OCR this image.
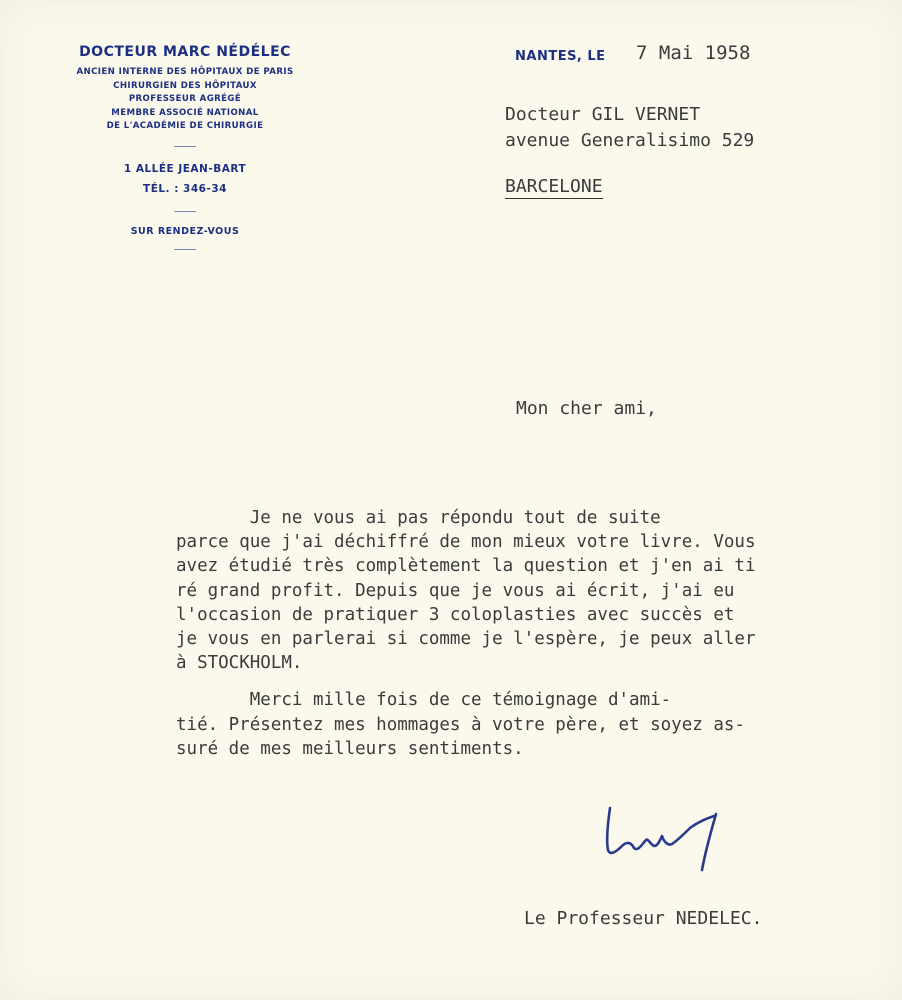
DOCTEUR MARC NÉDÉLEC
ANCIEN INTERNE DES HÔPITAUX DE PARIS
CHIRURGIEN DES HÔPITAUX
PROFESSEUR AGRÉGÉ
MEMBRE ASSOCIÉ NATIONAL
DE L'ACADÉMIE DE CHIRURGIE
1 ALLÉE JEAN-BART
TÉL. : 346-34
SUR RENDEZ-VOUS
NANTES, LE 7 Mai 1958
Docteur GIL VERNET
avenue Generalisimo 529
BARCELONE
Mon cher ami,
Je ne vous ai pas répondu tout de suite
parce que j'ai déchiffré de mon mieux votre livre. Vous
avez étudié très complètement la question et j'en ai ti
ré grand profit. Depuis que je vous ai écrit, j'ai eu
l'occasion de pratiquer 3 coloplasties avec succès et
je vous en parlerai si comme je l'espère, je peux aller
à STOCKHOLM.
Merci mille fois de ce témoignage d'ami-
tié. Présentez mes hommages à votre père, et soyez as-
suré de mes meilleurs sentiments.
Le Professeur NEDELEC.
